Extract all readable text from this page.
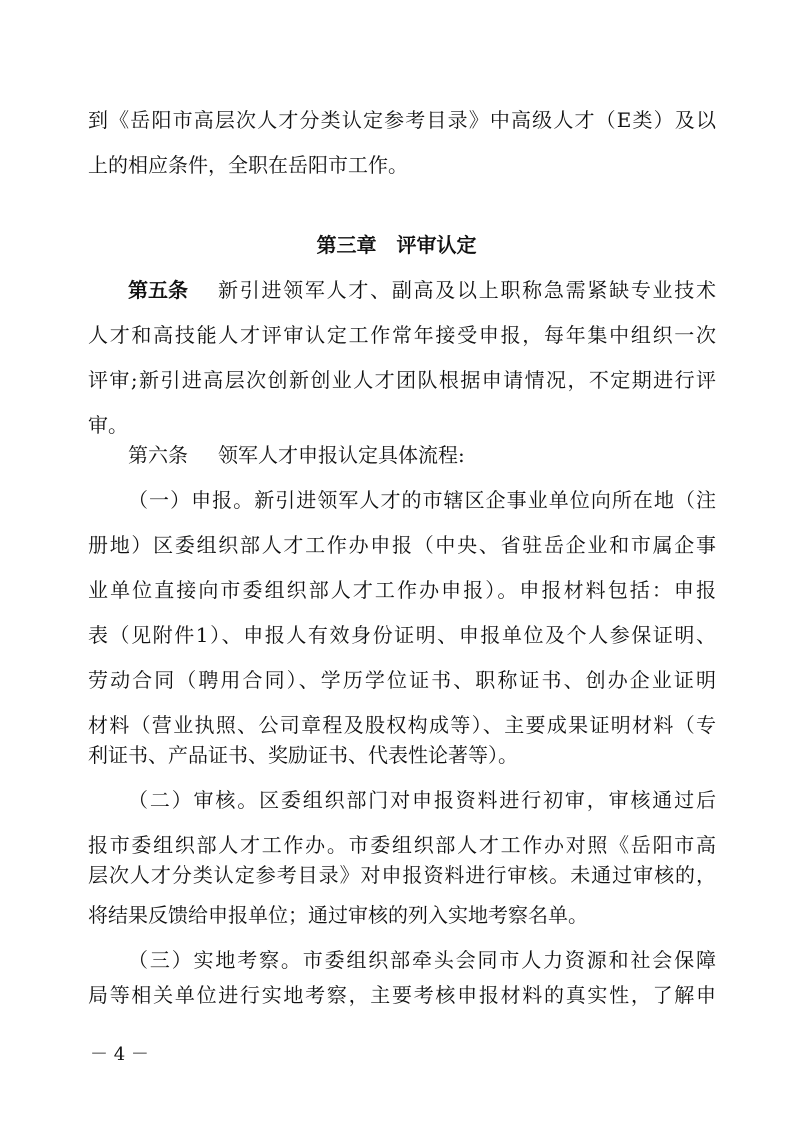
到《岳阳市高层次人才分类认定参考目录》中高级人才（E类）及以
上的相应条件，全职在岳阳市工作。
第三章　评审认定
第五条 新引进领军人才、副高及以上职称急需紧缺专业技术
人才和高技能人才评审认定工作常年接受申报，每年集中组织一次
评审;新引进高层次创新创业人才团队根据申请情况，不定期进行评
审。
第六条 领军人才申报认定具体流程:
（一）申报。新引进领军人才的市辖区企事业单位向所在地（注
册地）区委组织部人才工作办申报（中央、省驻岳企业和市属企事
业单位直接向市委组织部人才工作办申报）。申报材料包括：申报
表（见附件1）、申报人有效身份证明、申报单位及个人参保证明、
劳动合同（聘用合同）、学历学位证书、职称证书、创办企业证明
材料（营业执照、公司章程及股权构成等）、主要成果证明材料（专
利证书、产品证书、奖励证书、代表性论著等）。
（二）审核。区委组织部门对申报资料进行初审，审核通过后
报市委组织部人才工作办。市委组织部人才工作办对照《岳阳市高
层次人才分类认定参考目录》对申报资料进行审核。未通过审核的，
将结果反馈给申报单位；通过审核的列入实地考察名单。
（三）实地考察。市委组织部牵头会同市人力资源和社会保障
局等相关单位进行实地考察，主要考核申报材料的真实性，了解申
－ 4 －
